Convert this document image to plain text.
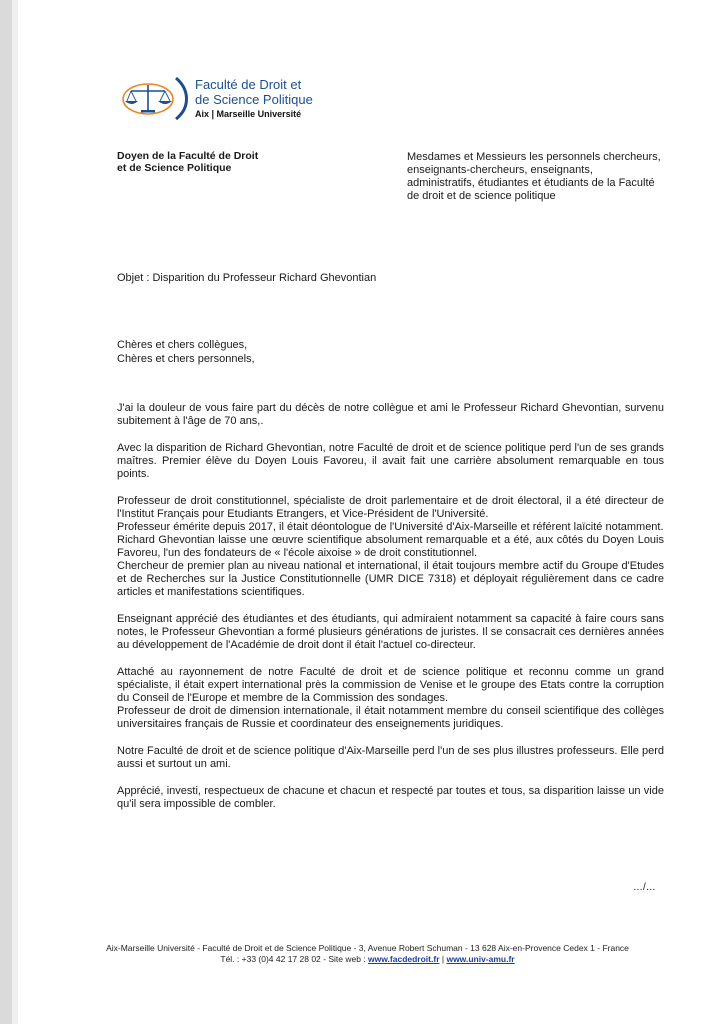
Faculté de Droit et
de Science Politique
Aix❘Marseille Université
Doyen de la Faculté de Droit
et de Science Politique
Mesdames et Messieurs les personnels chercheurs, enseignants-chercheurs, enseignants, administratifs, étudiantes et étudiants de la Faculté de droit et de science politique
Objet : Disparition du Professeur Richard Ghevontian
Chères et chers collègues,
Chères et chers personnels,

J'ai la douleur de vous faire part du décès de notre collègue et ami le Professeur Richard Ghevontian, survenu subitement à l'âge de 70 ans,.

Avec la disparition de Richard Ghevontian, notre Faculté de droit et de science politique perd l'un de ses grands maîtres. Premier élève du Doyen Louis Favoreu, il avait fait une carrière absolument remarquable en tous points.

Professeur de droit constitutionnel, spécialiste de droit parlementaire et de droit électoral, il a été directeur de l'Institut Français pour Etudiants Etrangers, et Vice-Président de l'Université.
Professeur émérite depuis 2017, il était déontologue de l'Université d'Aix-Marseille et référent laïcité notamment.
Richard Ghevontian laisse une œuvre scientifique absolument remarquable et a été, aux côtés du Doyen Louis Favoreu, l'un des fondateurs de « l'école aixoise » de droit constitutionnel.
Chercheur de premier plan au niveau national et international, il était toujours membre actif du Groupe d'Etudes et de Recherches sur la Justice Constitutionnelle (UMR DICE 7318) et déployait régulièrement dans ce cadre articles et manifestations scientifiques.

Enseignant apprécié des étudiantes et des étudiants, qui admiraient notamment sa capacité à faire cours sans notes, le Professeur Ghevontian a formé plusieurs générations de juristes. Il se consacrait ces dernières années au développement de l'Académie de droit dont il était l'actuel co-directeur.

Attaché au rayonnement de notre Faculté de droit et de science politique et reconnu comme un grand spécialiste, il était expert international près la commission de Venise et le groupe des Etats contre la corruption du Conseil de l'Europe et membre de la Commission des sondages.
Professeur de droit de dimension internationale, il était notamment membre du conseil scientifique des collèges universitaires français de Russie et coordinateur des enseignements juridiques.

Notre Faculté de droit et de science politique d'Aix-Marseille perd l'un de ses plus illustres professeurs. Elle perd aussi et surtout un ami.

Apprécié, investi, respectueux de chacune et chacun et respecté par toutes et tous, sa disparition laisse un vide qu'il sera impossible de combler.

…/…
Aix-Marseille Université - Faculté de Droit et de Science Politique - 3, Avenue Robert Schuman - 13 628 Aix-en-Provence Cedex 1 - France
Tél. : +33 (0)4 42 17 28 02 - Site web : www.facdedroit.fr | www.univ-amu.fr
